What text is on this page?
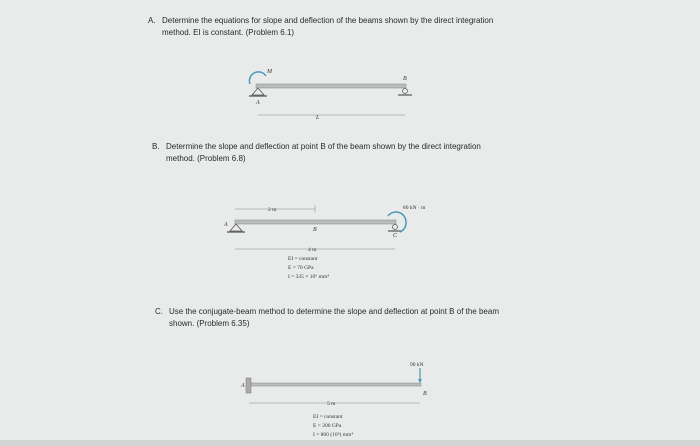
A. Determine the equations for slope and deflection of the beams shown by the direct integration method. EI is constant. (Problem 6.1)
B. Determine the slope and deflection at point B of the beam shown by the direct integration method. (Problem 6.8)
C. Use the conjugate-beam method to determine the slope and deflection at point B of the beam shown. (Problem 6.35)
M
A
B
L
80 kN · m
A
B
C
2 m
4 m
EI = constant
E = 70 GPa
I = 335 × 10⁶ mm⁴
90 kN
A
B
5 m
EI = constant
E = 200 GPa
I = 800 (10⁶) mm⁴
